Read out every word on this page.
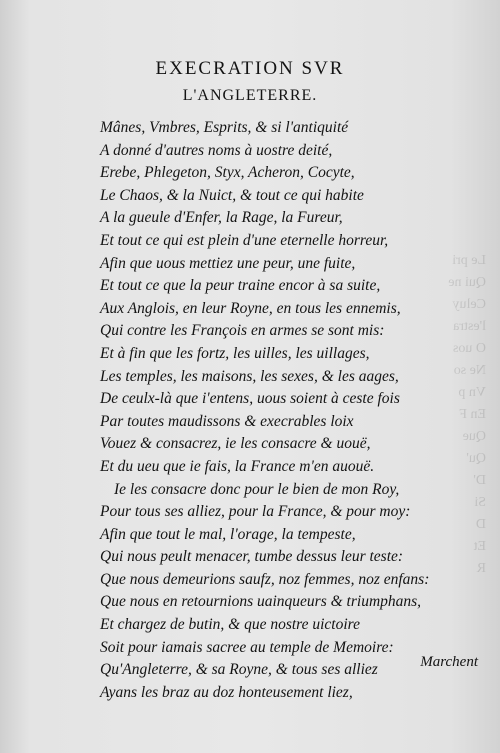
Le pri
Qui ne
Celuy
l'estra
O uos
Ne so
Vn p
En F
Que
Qu'
D'
Si
D
Et
R
EXECRATION SVR
L'ANGLETERRE.
Mânes, Vmbres, Esprits, & si l'antiquité
A donné d'autres noms à uostre deité,
Erebe, Phlegeton, Styx, Acheron, Cocyte,
Le Chaos, & la Nuict, & tout ce qui habite
A la gueule d'Enfer, la Rage, la Fureur,
Et tout ce qui est plein d'une eternelle horreur,
Afin que uous mettiez une peur, une fuite,
Et tout ce que la peur traine encor à sa suite,
Aux Anglois, en leur Royne, en tous les ennemis,
Qui contre les François en armes se sont mis:
Et à fin que les fortz, les uilles, les uillages,
Les temples, les maisons, les sexes, & les aages,
De ceulx-là que i'entens, uous soient à ceste fois
Par toutes maudissons & execrables loix
Vouez & consacrez, ie les consacre & uouë,
Et du ueu que ie fais, la France m'en auouë.
Ie les consacre donc pour le bien de mon Roy,
Pour tous ses alliez, pour la France, & pour moy:
Afin que tout le mal, l'orage, la tempeste,
Qui nous peult menacer, tumbe dessus leur teste:
Que nous demeurions saufz, noz femmes, noz enfans:
Que nous en retournions uainqueurs & triumphans,
Et chargez de butin, & que nostre uictoire
Soit pour iamais sacree au temple de Memoire:
Qu'Angleterre, & sa Royne, & tous ses alliez
Ayans les braz au doz honteusement liez,
Marchent
